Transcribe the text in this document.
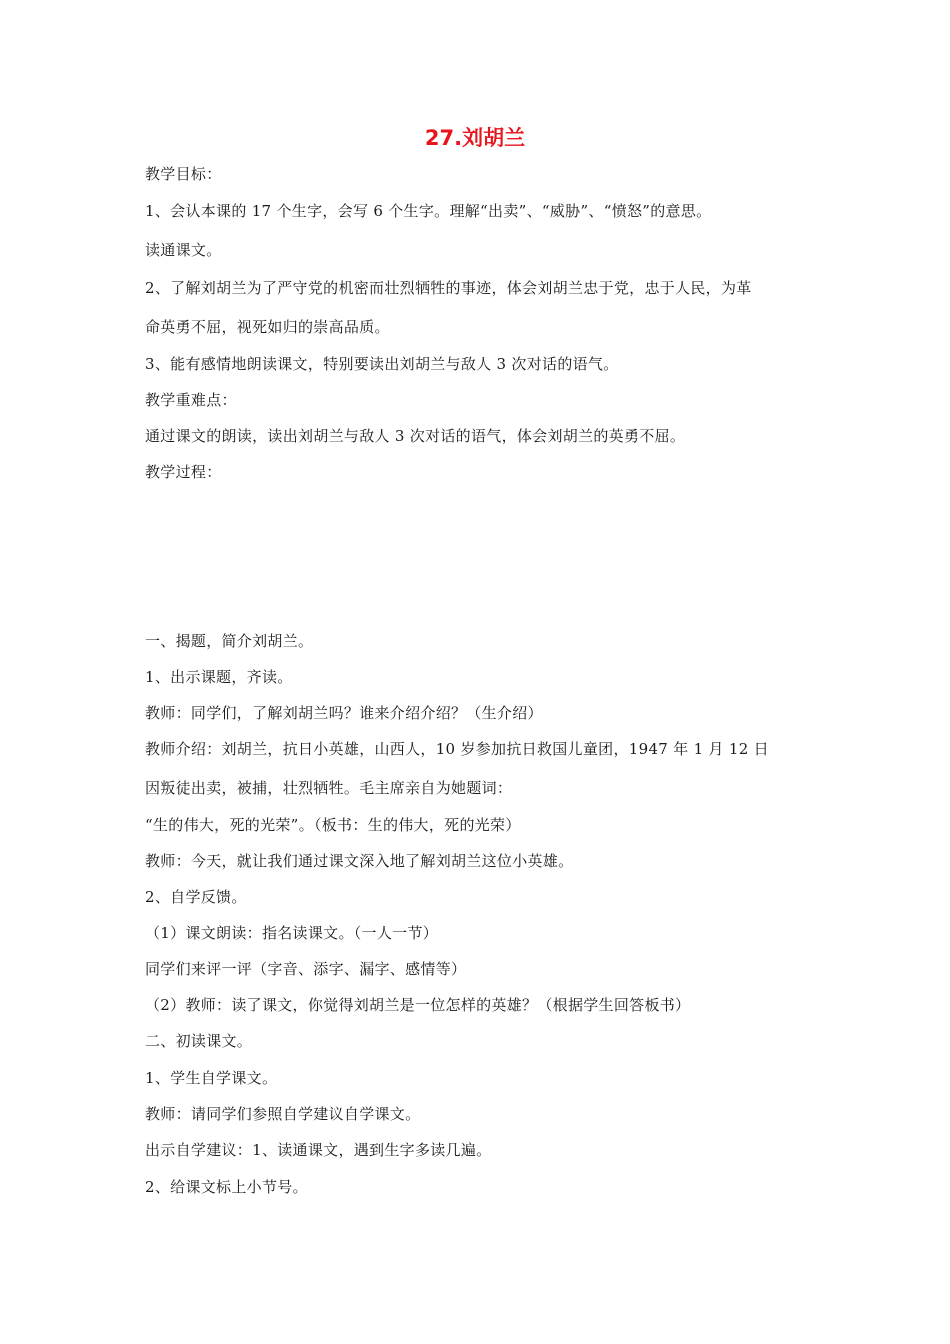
27.刘胡兰
教学目标：
1、会认本课的 17 个生字，会写 6 个生字。理解“出卖”、“威胁”、“愤怒”的意思。
读通课文。
2、了解刘胡兰为了严守党的机密而壮烈牺牲的事迹，体会刘胡兰忠于党，忠于人民，为革
命英勇不屈，视死如归的崇高品质。
3、能有感情地朗读课文，特别要读出刘胡兰与敌人 3 次对话的语气。
教学重难点：
通过课文的朗读，读出刘胡兰与敌人 3 次对话的语气，体会刘胡兰的英勇不屈。
教学过程：
一、揭题，简介刘胡兰。
1、出示课题，齐读。
教师：同学们，了解刘胡兰吗？谁来介绍介绍？（生介绍）
教师介绍：刘胡兰，抗日小英雄，山西人，10 岁参加抗日救国儿童团，1947 年 1 月 12 日
因叛徒出卖，被捕，壮烈牺牲。毛主席亲自为她题词：
“生的伟大，死的光荣”。（板书：生的伟大，死的光荣）
教师：今天，就让我们通过课文深入地了解刘胡兰这位小英雄。
2、自学反馈。
（1）课文朗读：指名读课文。（一人一节）
同学们来评一评（字音、添字、漏字、感情等）
（2）教师：读了课文，你觉得刘胡兰是一位怎样的英雄？（根据学生回答板书）
二、初读课文。
1、学生自学课文。
教师：请同学们参照自学建议自学课文。
出示自学建议：1、读通课文，遇到生字多读几遍。
2、给课文标上小节号。
